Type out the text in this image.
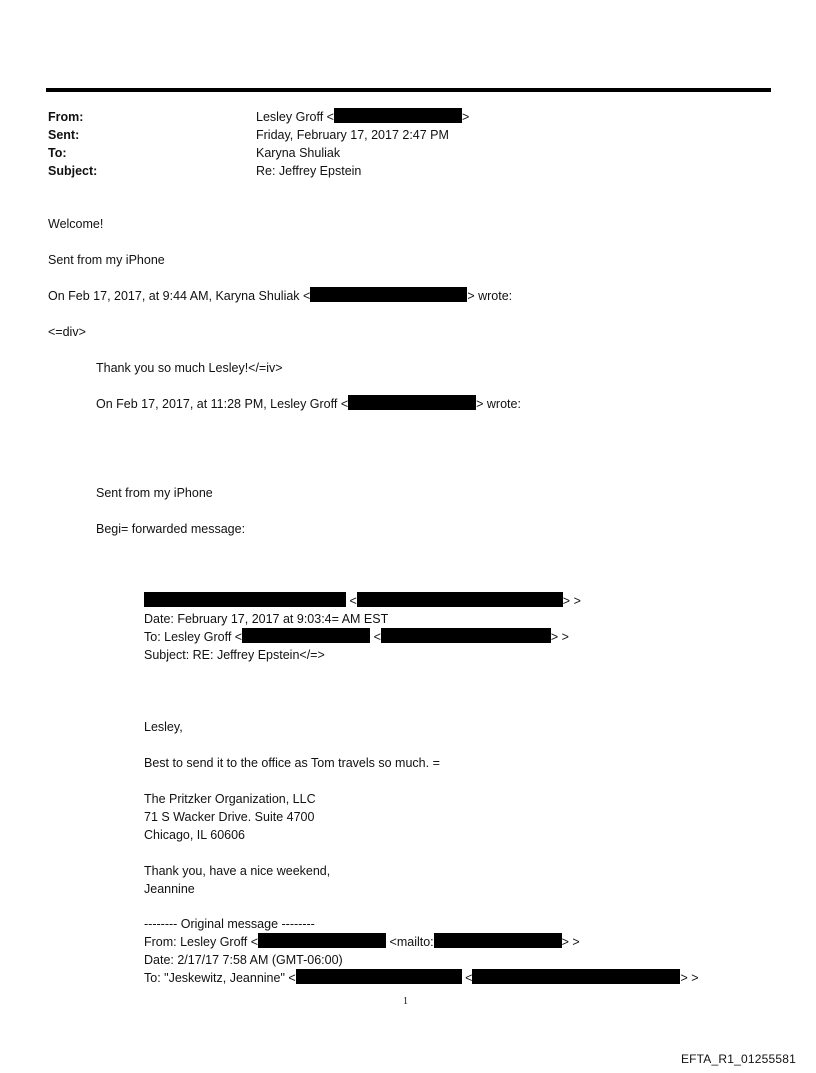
From:	Lesley Groff <	>
Sent:	Friday, February 17, 2017 2:47 PM
To:	Karyna Shuliak
Subject:	Re: Jeffrey Epstein
Welcome!
Sent from my iPhone
On Feb 17, 2017, at 9:44 AM, Karyna Shuliak <	> wrote:
<=div>
Thank you so much Lesley!</=iv>
On Feb 17, 2017, at 11:28 PM, Lesley Groff <	> wrote:
Sent from my iPhone
Begi= forwarded message:
<	> >
Date: February 17, 2017 at 9:03:4= AM EST
To: Lesley Groff <	<	> >
Subject: RE: Jeffrey Epstein</=>
Lesley,
Best to send it to the office as Tom travels so much. =
The Pritzker Organization, LLC
71 S Wacker Drive. Suite 4700
Chicago, IL 60606
Thank you, have a nice weekend,
Jeannine
-------- Original message --------
From: Lesley Groff <	<mailto:	> >
Date: 2/17/17 7:58 AM (GMT-06:00)
To: "Jeskewitz, Jeannine" <	<	> >
1
EFTA_R1_01255581
